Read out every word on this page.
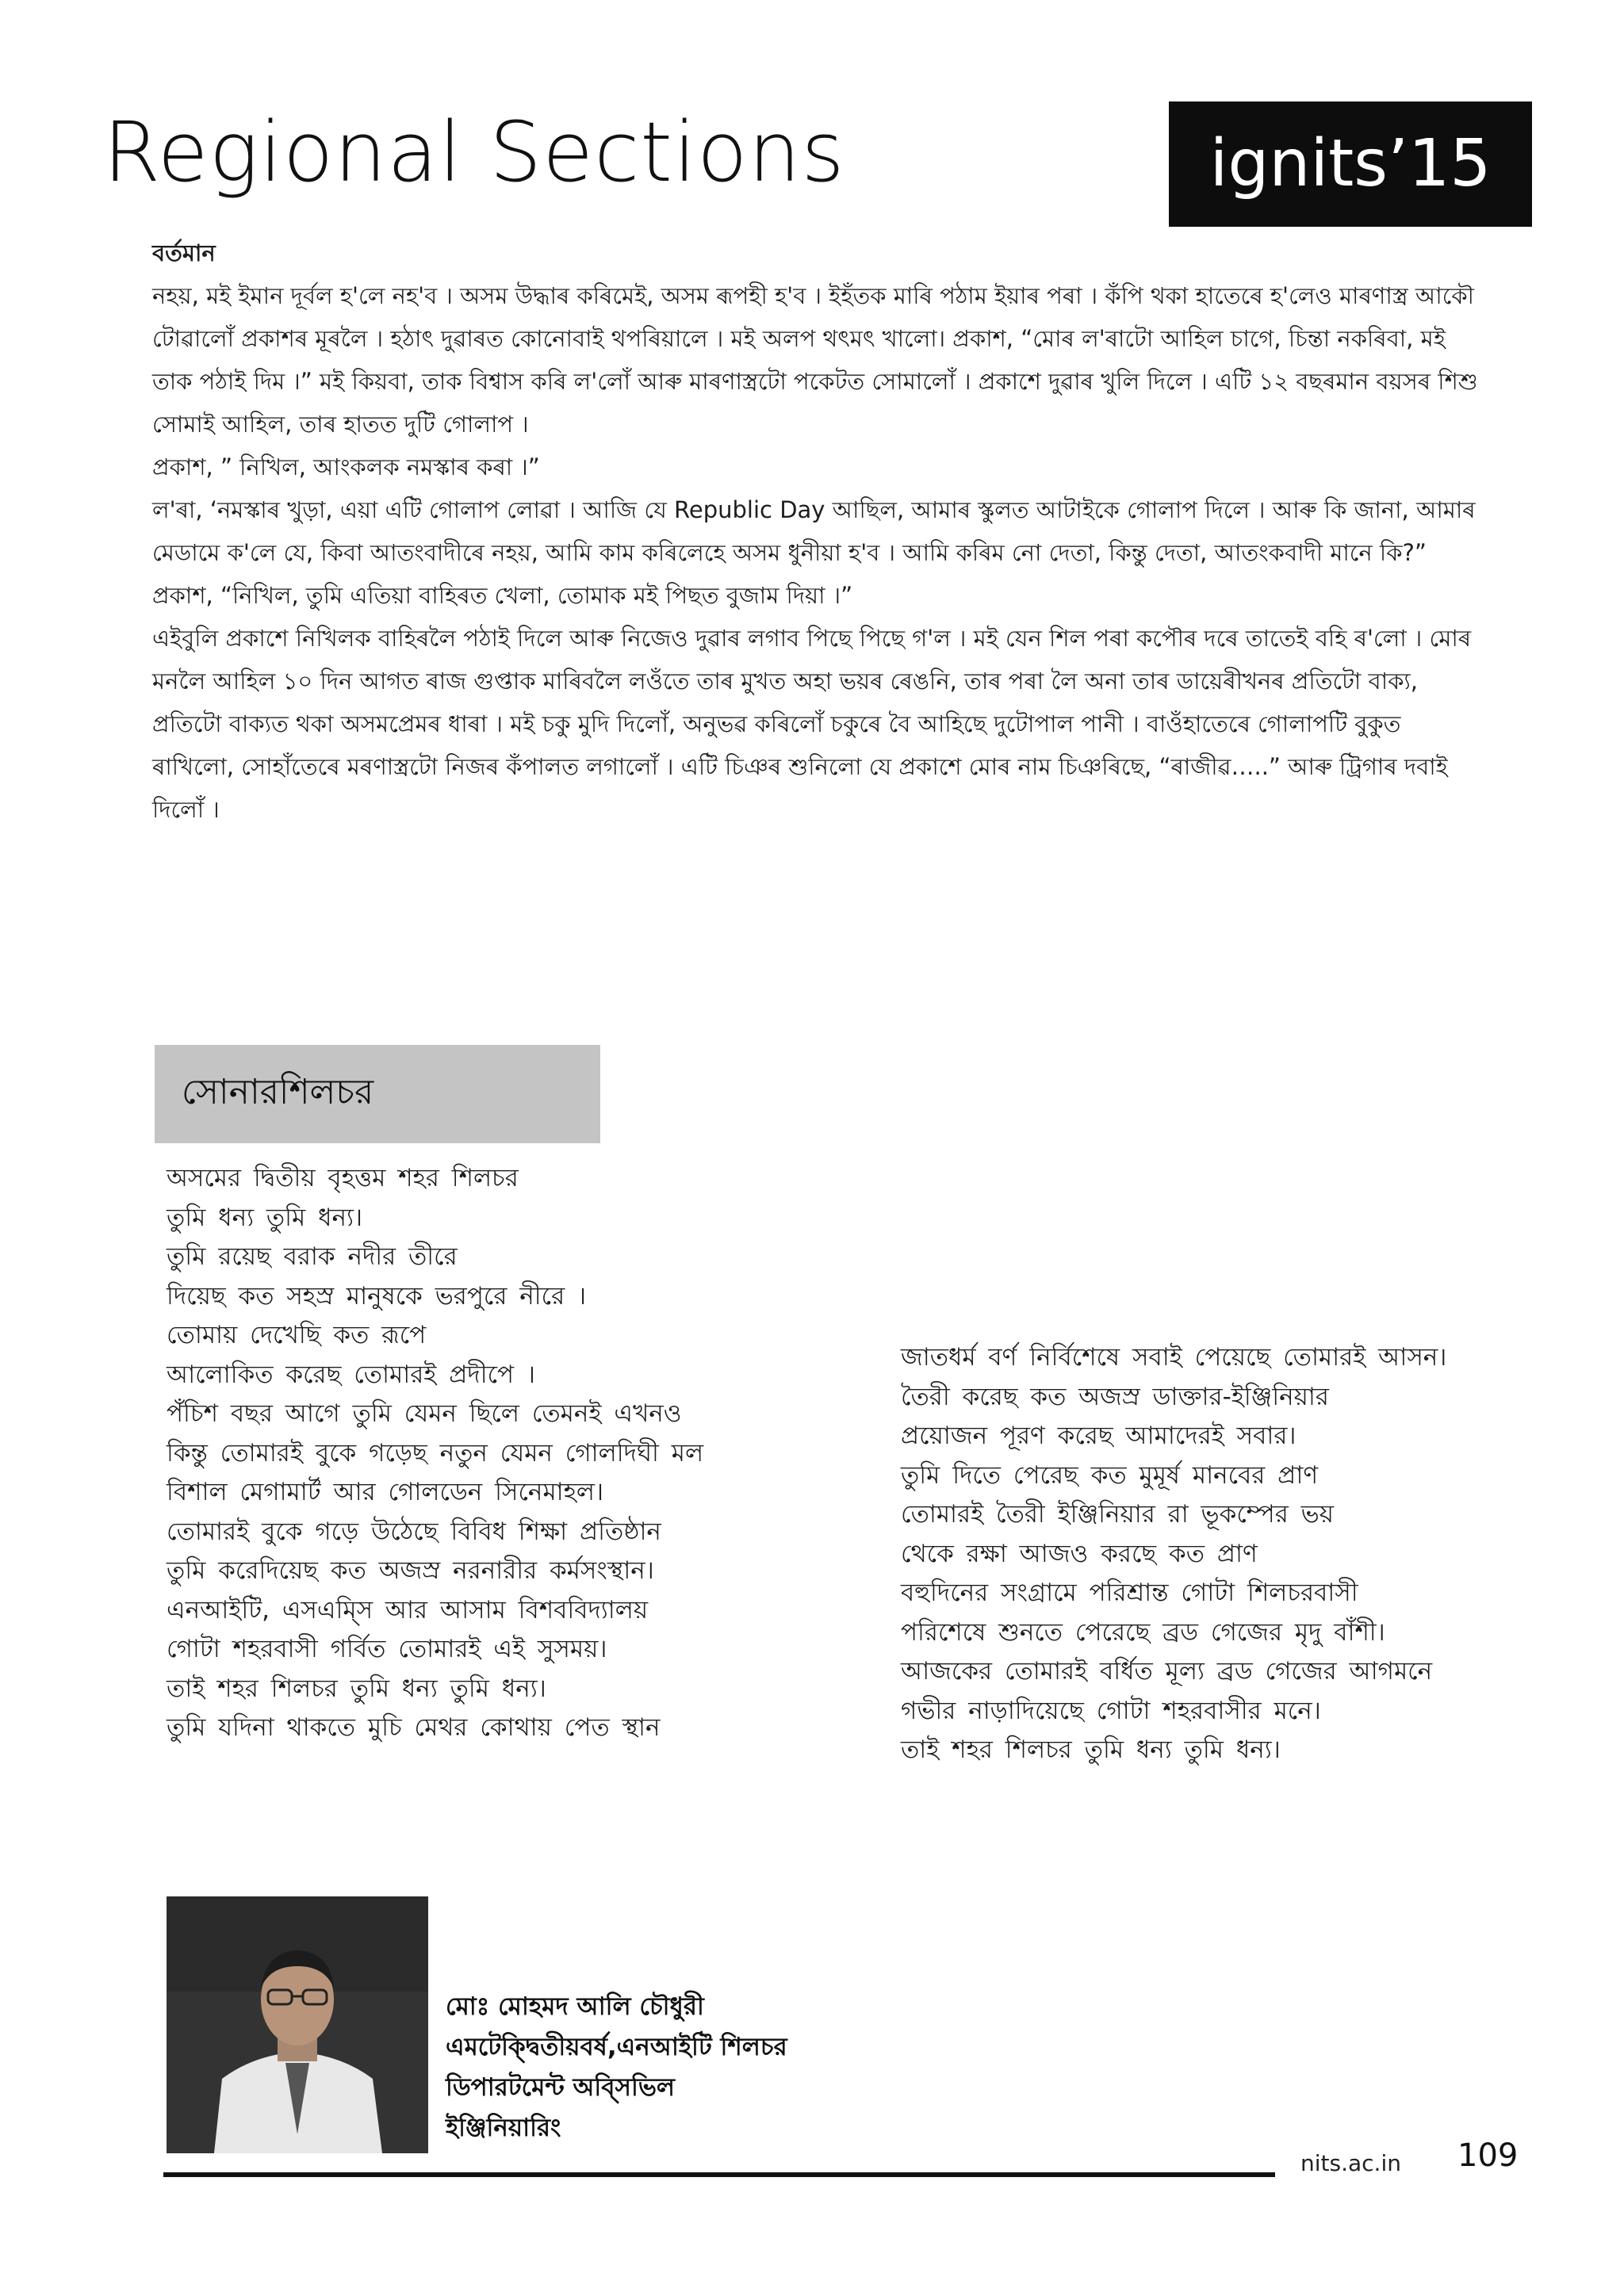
Regional Sections	ignits’15
বৰ্তমান

নহয়, মই ইমান দূৰ্বল হ'লে নহ'ব । অসম উদ্ধাৰ কৰিমেই, অসম ৰূপহী হ'ব । ইহঁতক মাৰি পঠাম ইয়াৰ পৰা । কঁপি থকা হাতেৰে হ'লেও মাৰণাস্ত্ৰ আকৌ টোৱালোঁ প্ৰকাশৰ মূৰলৈ । হঠাৎ দুৱাৰত কোনোবাই থপৰিয়ালে । মই অলপ থৎমৎ খালো। প্ৰকাশ, “মোৰ ল'ৰাটো আহিল চাগে, চিন্তা নকৰিবা, মই তাক পঠাই দিম ।” মই কিয়বা, তাক বিশ্বাস কৰি ল'লোঁ আৰু মাৰণাস্ত্ৰটো পকেটত সোমালোঁ । প্ৰকাশে দুৱাৰ খুলি দিলে । এটি ১২ বছৰমান বয়সৰ শিশু সোমাই আহিল, তাৰ হাতত দুটি গোলাপ ।

প্ৰকাশ, ” নিখিল, আংকলক নমস্কাৰ কৰা ।”

ল'ৰা, ‘নমস্কাৰ খুড়া, এয়া এটি গোলাপ লোৱা । আজি যে Republic Day আছিল, আমাৰ স্কুলত আটাইকে গোলাপ দিলে । আৰু কি জানা, আমাৰ মেডামে ক'লে যে, কিবা আতংবাদীৰে নহয়, আমি কাম কৰিলেহে অসম ধুনীয়া হ'ব । আমি কৰিম নো দেতা, কিন্তু দেতা, আতংকবাদী মানে কি?”

প্ৰকাশ, “নিখিল, তুমি এতিয়া বাহিৰত খেলা, তোমাক মই পিছত বুজাম দিয়া ।”

এইবুলি প্ৰকাশে নিখিলক বাহিৰলৈ পঠাই দিলে আৰু নিজেও দুৱাৰ লগাব পিছে পিছে গ'ল । মই যেন শিল পৰা কপৌৰ দৰে তাতেই বহি ৰ'লো । মোৰ মনলৈ আহিল ১০ দিন আগত ৰাজ গুপ্তাক মাৰিবলৈ লওঁতে তাৰ মুখত অহা ভয়ৰ ৰেঙনি, তাৰ পৰা লৈ অনা তাৰ ডায়েৰীখনৰ প্ৰতিটো বাক্য, প্ৰতিটো বাক্যত থকা অসমপ্ৰেমৰ ধাৰা । মই চকু মুদি দিলোঁ, অনুভৱ কৰিলোঁ চকুৰে বৈ আহিছে দুটোপাল পানী । বাওঁহাতেৰে গোলাপটি বুকুত ৰাখিলো, সোহাঁতেৰে মৰণাস্ত্ৰটো নিজৰ কঁপালত লগালোঁ । এটি চিঞৰ শুনিলো যে প্ৰকাশে মোৰ নাম চিঞৰিছে, “ৰাজীৱ…..” আৰু ট্ৰিগাৰ দবাই দিলোঁ ।

সোনারশিলচর
অসমের দ্বিতীয় বৃহত্তম শহর শিলচর
তুমি ধন্য তুমি ধন্য।
তুমি রয়েছ বরাক নদীর তীরে
দিয়েছ কত সহস্র মানুষকে ভরপুরে নীরে ।
তোমায় দেখেছি কত রূপে
আলোকিত করেছ তোমারই প্রদীপে ।
পঁচিশ বছর আগে তুমি যেমন ছিলে তেমনই এখনও
কিন্তু তোমারই বুকে গড়েছ নতুন যেমন গোলদিঘী মল
বিশাল মেগামার্ট আর গোলডেন সিনেমাহল।
তোমারই বুকে গড়ে উঠেছে বিবিধ শিক্ষা প্রতিষ্ঠান
তুমি করেদিয়েছ কত অজস্র নরনারীর কর্মসংস্থান।
এনআইটি, এসএম্সি আর আসাম বিশববিদ্যালয়
গোটা শহরবাসী গর্বিত তোমারই এই সুসময়।
তাই শহর শিলচর তুমি ধন্য তুমি ধন্য।
তুমি যদিনা থাকতে মুচি মেথর কোথায় পেত স্থান
জাতধর্ম বর্ণ নির্বিশেষে সবাই পেয়েছে তোমারই আসন।
তৈরী করেছ কত অজস্র ডাক্তার-ইঞ্জিনিয়ার
প্রয়োজন পূরণ করেছ আমাদেরই সবার।
তুমি দিতে পেরেছ কত মুমূর্ষ মানবের প্রাণ
তোমারই তৈরী ইঞ্জিনিয়ার রা ভূকম্পের ভয়
থেকে রক্ষা আজও করছে কত প্রাণ
বহুদিনের সংগ্রামে পরিশ্রান্ত গোটা শিলচরবাসী
পরিশেষে শুনতে পেরেছে ব্রড গেজের মৃদু বাঁশী।
আজকের তোমারই বর্ধিত মূল্য ব্রড গেজের আগমনে
গভীর নাড়াদিয়েছে গোটা শহরবাসীর মনে।
তাই শহর শিলচর তুমি ধন্য তুমি ধন্য।
মোঃ মোহমদ আলি চৌধুরী
এমটেক্দ্বিতীয়বর্ষ,এনআইটি শিলচর
ডিপারটমেন্ট অব্সিভিল
ইঞ্জিনিয়ারিং
nits.ac.in 109
